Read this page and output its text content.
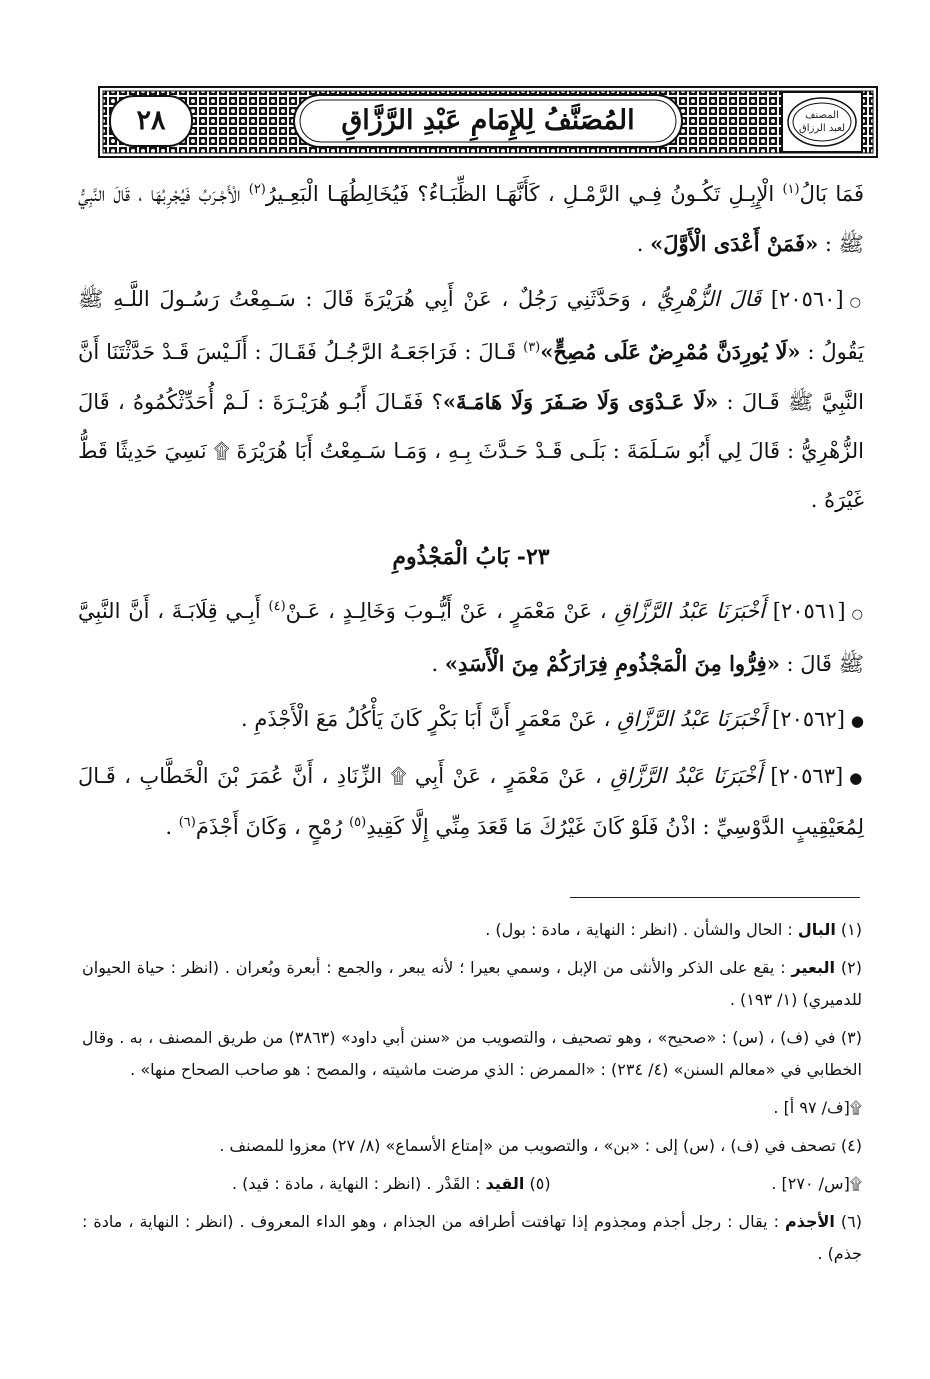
٢٨	المُصَنَّفُ لِلإِمَامِ عَبْدِ الرَّزَّاقِ	المصنف
لعبد الرزاق

فَمَا بَالُ$^{(١)}$ الْإِبِـلِ تَكُـونُ فِـي الرَّمْـلِ ، كَأَنَّهَـا الظِّبَـاءُ؟ فَيُخَالِطُهَـا الْبَعِـيرُ$^{(٢)}$ الْأَجْـرَبُ فَيُجْرِبُهَا ، قَالَ النَّبِيُّ ﷺ : «فَمَنْ أَعْدَى الْأَوَّلَ» .

○[٢٠٥٦٠] قَالَ الزُّهْرِيُّ ، وَحَدَّثَنِي رَجُلٌ ، عَنْ أَبِي هُرَيْرَةَ قَالَ : سَـمِعْتُ رَسُـولَ اللَّـهِ ﷺ يَقُولُ : «لَا يُورِدَنَّ مُمْرِضٌ عَلَى مُصِحٍّ»$^{(٣)}$ قَـالَ : فَرَاجَعَـهُ الرَّجُـلُ فَقَـالَ : أَلَـيْسَ قَـدْ حَدَّثْتَنَا أَنَّ النَّبِيَّ ﷺ قَـالَ : «لَا عَـدْوَى وَلَا صَـفَرَ وَلَا هَامَـةَ»؟ فَقَـالَ أَبُـو هُرَيْـرَةَ : لَـمْ أُحَدِّثْكُمُوهُ ، قَالَ الزُّهْرِيُّ : قَالَ لِي أَبُو سَـلَمَةَ : بَلَـى قَـدْ حَـدَّثَ بِـهِ ، وَمَـا سَـمِعْتُ أَبَا هُرَيْرَةَ ۩ نَسِيَ حَدِيثًا قَطُّ غَيْرَهُ .

٢٣- بَابُ الْمَجْذُومِ

○[٢٠٥٦١] أَخْبَرَنَا عَبْدُ الرَّزَّاقِ ، عَنْ مَعْمَرٍ ، عَنْ أَيُّـوبَ وَخَالِـدٍ ، عَـنْ$^{(٤)}$ أَبِـي قِلَابَـةَ ، أَنَّ النَّبِيَّ ﷺ قَالَ : «فِرُّوا مِنَ الْمَجْذُومِ فِرَارَكُمْ مِنَ الْأَسَدِ» .

●[٢٠٥٦٢] أَخْبَرَنَا عَبْدُ الرَّزَّاقِ ، عَنْ مَعْمَرٍ أَنَّ أَبَا بَكْرٍ كَانَ يَأْكُلُ مَعَ الْأَجْذَمِ .

●[٢٠٥٦٣] أَخْبَرَنَا عَبْدُ الرَّزَّاقِ ، عَنْ مَعْمَرٍ ، عَنْ أَبِي ۩ الزِّنَادِ ، أَنَّ عُمَرَ بْنَ الْخَطَّابِ ، قَـالَ لِمُعَيْقِيبٍ الدَّوْسِيِّ : اذْنُ فَلَوْ كَانَ غَيْرُكَ مَا قَعَدَ مِنِّي إِلَّا كَقِيدِ$^{(٥)}$ رُمْحٍ ، وَكَانَ أَجْذَمَ$^{(٦)}$ .

(١) البال : الحال والشأن . (انظر : النهاية ، مادة : بول) .

(٢) البعير : يقع على الذكر والأنثى من الإبل ، وسمي بعيرا ؛ لأنه يبعر ، والجمع : أبعرة وبُعران . (انظر : حياة الحيوان للدميري) (١/ ١٩٣) .

(٣) في (ف) ، (س) : «صحيح» ، وهو تصحيف ، والتصويب من «سنن أبي داود» (٣٨٦٣) من طريق المصنف ، به . وقال الخطابي في «معالم السنن» (٤/ ٢٣٤) : «الممرض : الذي مرضت ماشيته ، والمصح : هو صاحب الصحاح منها» .

۩[ف/ ٩٧ أ] .

(٤) تصحف في (ف) ، (س) إلى : «بن» ، والتصويب من «إمتاع الأسماع» (٨/ ٢٧) معزوا للمصنف .

۩[س/ ٢٧٠] .
(٥) القيد : القَدْر . (انظر : النهاية ، مادة : قيد) .

(٦) الأجذم : يقال : رجل أجذم ومجذوم إذا تهافتت أطرافه من الجذام ، وهو الداء المعروف . (انظر : النهاية ، مادة : جذم) .
